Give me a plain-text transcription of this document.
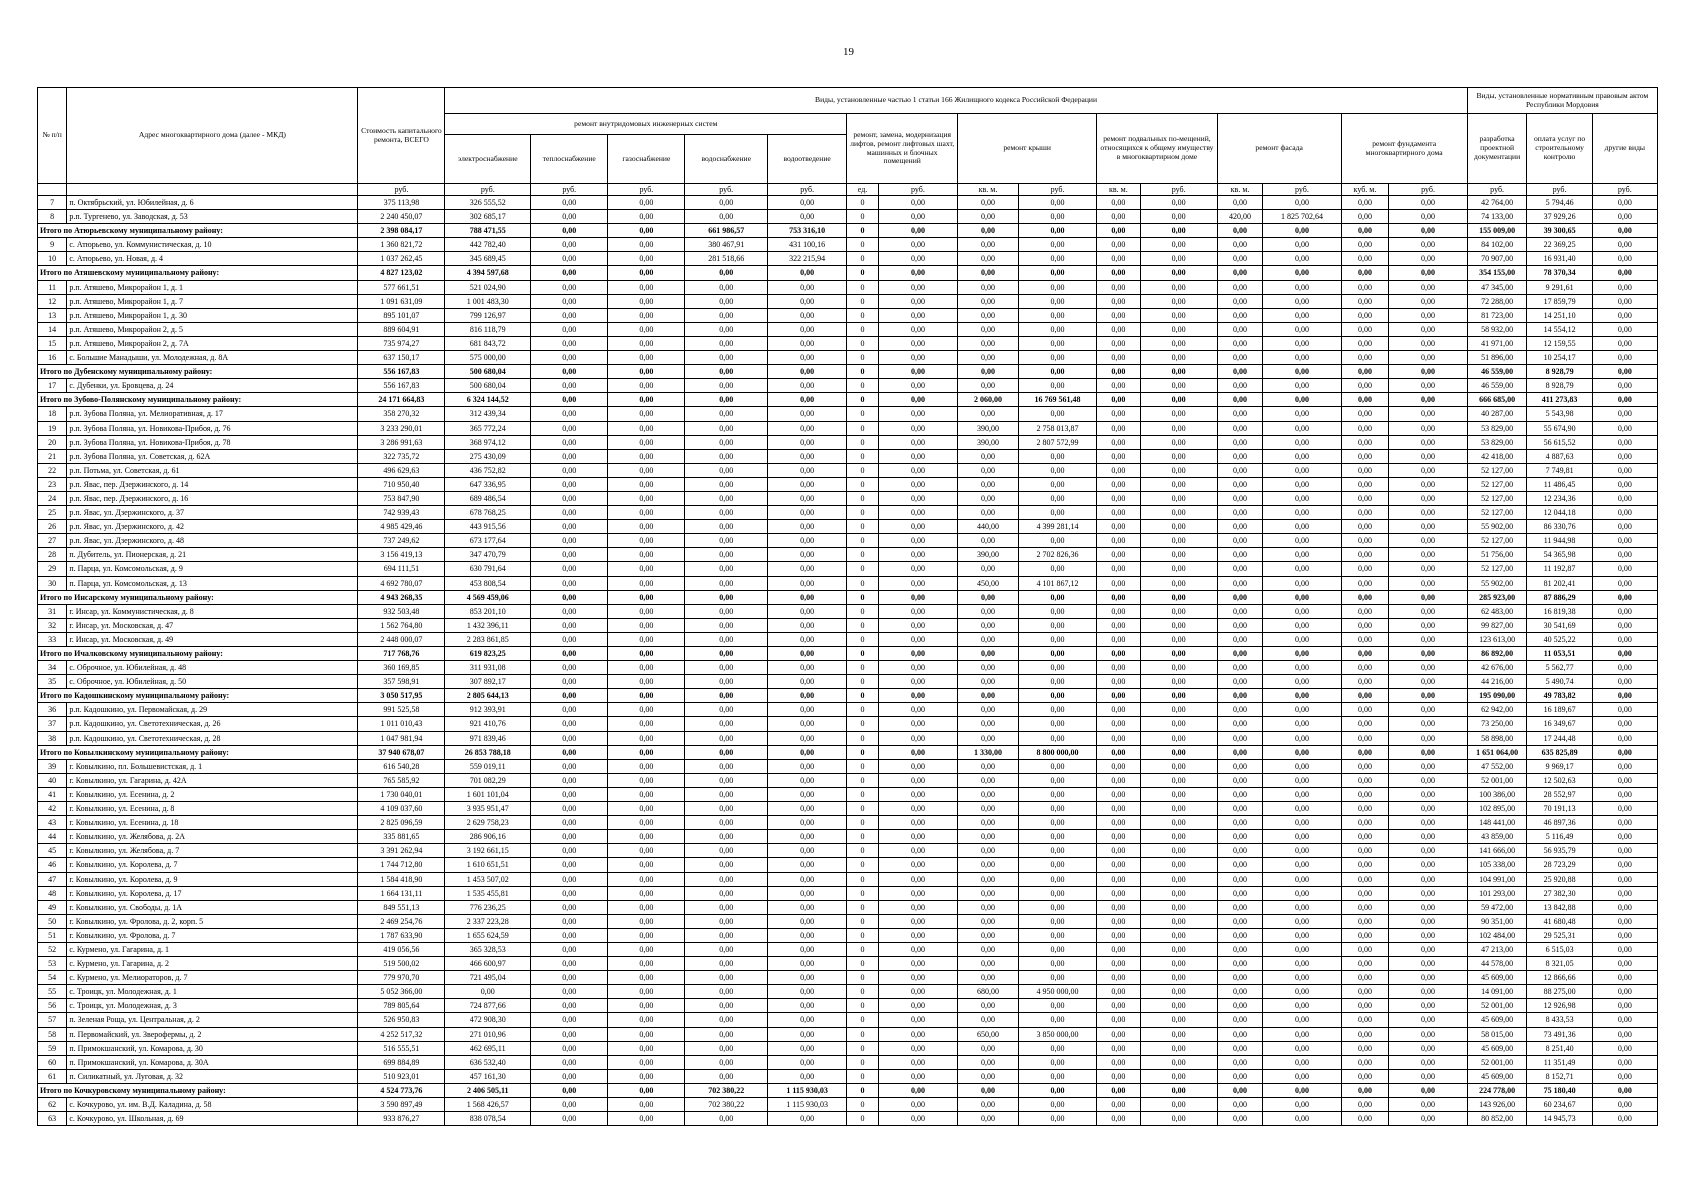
19
№ п/п	Адрес многоквартирного дома (далее - МКД)	Стоимость капитального ремонта, ВСЕГО	Виды, установленные частью 1 статьи 166 Жилищного кодекса Российской Федерации															Виды, установленные нормативным правовым актом Республики Мордовия		
			ремонт внутридомовых инженерных систем					ремонт, замена, модернизация лифтов, ремонт лифтовых шахт, машинных и блочных помещений		ремонт крыши		ремонт подвальных по-мещений, относящихся к общему имуществу в многоквартирном доме		ремонт фасада		ремонт фундамента многоквартирного дома		разработка проектной документации	оплата услуг по строительному контролю	другие виды
			электроснабжение	теплоснабжение	газоснабжение	водоснабжение	водоотведение													
		руб.	руб.	руб.	руб.	руб.	руб.	ед.	руб.	кв. м.	руб.	кв. м.	руб.	кв. м.	руб.	куб. м.	руб.	руб.	руб.	руб.
7	п. Октябрьский, ул. Юбилейная, д. 6	375 113,98	326 555,52	0,00	0,00	0,00	0,00	0	0,00	0,00	0,00	0,00	0,00	0,00	0,00	0,00	0,00	42 764,00	5 794,46	0,00
8	р.п. Тургенево, ул. Заводская, д. 53	2 240 450,07	302 685,17	0,00	0,00	0,00	0,00	0	0,00	0,00	0,00	0,00	0,00	420,00	1 825 702,64	0,00	0,00	74 133,00	37 929,26	0,00
Итого по Атюрьевскому муниципальному району:		2 398 084,17	788 471,55	0,00	0,00	661 986,57	753 316,10	0	0,00	0,00	0,00	0,00	0,00	0,00	0,00	0,00	0,00	155 009,00	39 300,65	0,00
9	с. Атюрьево, ул. Коммунистическая, д. 10	1 360 821,72	442 782,40	0,00	0,00	380 467,91	431 100,16	0	0,00	0,00	0,00	0,00	0,00	0,00	0,00	0,00	0,00	84 102,00	22 369,25	0,00
10	с. Атюрьево, ул. Новая, д. 4	1 037 262,45	345 689,45	0,00	0,00	281 518,66	322 215,94	0	0,00	0,00	0,00	0,00	0,00	0,00	0,00	0,00	0,00	70 907,00	16 931,40	0,00
Итого по Атяшевскому муниципальному району:		4 827 123,02	4 394 597,68	0,00	0,00	0,00	0,00	0	0,00	0,00	0,00	0,00	0,00	0,00	0,00	0,00	0,00	354 155,00	78 370,34	0,00
11	р.п. Атяшево, Микрорайон 1, д. 1	577 661,51	521 024,90	0,00	0,00	0,00	0,00	0	0,00	0,00	0,00	0,00	0,00	0,00	0,00	0,00	0,00	47 345,00	9 291,61	0,00
12	р.п. Атяшево, Микрорайон 1, д. 7	1 091 631,09	1 001 483,30	0,00	0,00	0,00	0,00	0	0,00	0,00	0,00	0,00	0,00	0,00	0,00	0,00	0,00	72 288,00	17 859,79	0,00
13	р.п. Атяшево, Микрорайон 1, д. 30	895 101,07	799 126,97	0,00	0,00	0,00	0,00	0	0,00	0,00	0,00	0,00	0,00	0,00	0,00	0,00	0,00	81 723,00	14 251,10	0,00
14	р.п. Атяшево, Микрорайон 2, д. 5	889 604,91	816 118,79	0,00	0,00	0,00	0,00	0	0,00	0,00	0,00	0,00	0,00	0,00	0,00	0,00	0,00	58 932,00	14 554,12	0,00
15	р.п. Атяшево, Микрорайон 2, д. 7А	735 974,27	681 843,72	0,00	0,00	0,00	0,00	0	0,00	0,00	0,00	0,00	0,00	0,00	0,00	0,00	0,00	41 971,00	12 159,55	0,00
16	с. Большие Манадыши, ул. Молодежная, д. 8А	637 150,17	575 000,00	0,00	0,00	0,00	0,00	0	0,00	0,00	0,00	0,00	0,00	0,00	0,00	0,00	0,00	51 896,00	10 254,17	0,00
Итого по Дубенскому муниципальному району:		556 167,83	500 680,04	0,00	0,00	0,00	0,00	0	0,00	0,00	0,00	0,00	0,00	0,00	0,00	0,00	0,00	46 559,00	8 928,79	0,00
17	с. Дубенки, ул. Бровцева, д. 24	556 167,83	500 680,04	0,00	0,00	0,00	0,00	0	0,00	0,00	0,00	0,00	0,00	0,00	0,00	0,00	0,00	46 559,00	8 928,79	0,00
Итого по Зубово-Полянскому муниципальному району:		24 171 664,83	6 324 144,52	0,00	0,00	0,00	0,00	0	0,00	2 060,00	16 769 561,48	0,00	0,00	0,00	0,00	0,00	0,00	666 685,00	411 273,83	0,00
18	р.п. Зубова Поляна, ул. Мелиоративная, д. 17	358 270,32	312 439,34	0,00	0,00	0,00	0,00	0	0,00	0,00	0,00	0,00	0,00	0,00	0,00	0,00	0,00	40 287,00	5 543,98	0,00
19	р.п. Зубова Поляна, ул. Новикова-Прибоя, д. 76	3 233 290,01	365 772,24	0,00	0,00	0,00	0,00	0	0,00	390,00	2 758 013,87	0,00	0,00	0,00	0,00	0,00	0,00	53 829,00	55 674,90	0,00
20	р.п. Зубова Поляна, ул. Новикова-Прибоя, д. 78	3 286 991,63	368 974,12	0,00	0,00	0,00	0,00	0	0,00	390,00	2 807 572,99	0,00	0,00	0,00	0,00	0,00	0,00	53 829,00	56 615,52	0,00
21	р.п. Зубова Поляна, ул. Советская, д. 62А	322 735,72	275 430,09	0,00	0,00	0,00	0,00	0	0,00	0,00	0,00	0,00	0,00	0,00	0,00	0,00	0,00	42 418,00	4 887,63	0,00
22	р.п. Потьма, ул. Советская, д. 61	496 629,63	436 752,82	0,00	0,00	0,00	0,00	0	0,00	0,00	0,00	0,00	0,00	0,00	0,00	0,00	0,00	52 127,00	7 749,81	0,00
23	р.п. Явас, пер. Дзержинского, д. 14	710 950,40	647 336,95	0,00	0,00	0,00	0,00	0	0,00	0,00	0,00	0,00	0,00	0,00	0,00	0,00	0,00	52 127,00	11 486,45	0,00
24	р.п. Явас, пер. Дзержинского, д. 16	753 847,90	689 486,54	0,00	0,00	0,00	0,00	0	0,00	0,00	0,00	0,00	0,00	0,00	0,00	0,00	0,00	52 127,00	12 234,36	0,00
25	р.п. Явас, ул. Дзержинского, д. 37	742 939,43	678 768,25	0,00	0,00	0,00	0,00	0	0,00	0,00	0,00	0,00	0,00	0,00	0,00	0,00	0,00	52 127,00	12 044,18	0,00
26	р.п. Явас, ул. Дзержинского, д. 42	4 985 429,46	443 915,56	0,00	0,00	0,00	0,00	0	0,00	440,00	4 399 281,14	0,00	0,00	0,00	0,00	0,00	0,00	55 902,00	86 330,76	0,00
27	р.п. Явас, ул. Дзержинского, д. 48	737 249,62	673 177,64	0,00	0,00	0,00	0,00	0	0,00	0,00	0,00	0,00	0,00	0,00	0,00	0,00	0,00	52 127,00	11 944,98	0,00
28	п. Дубитель, ул. Пионерская, д. 21	3 156 419,13	347 470,79	0,00	0,00	0,00	0,00	0	0,00	390,00	2 702 826,36	0,00	0,00	0,00	0,00	0,00	0,00	51 756,00	54 365,98	0,00
29	п. Парца, ул. Комсомольская, д. 9	694 111,51	630 791,64	0,00	0,00	0,00	0,00	0	0,00	0,00	0,00	0,00	0,00	0,00	0,00	0,00	0,00	52 127,00	11 192,87	0,00
30	п. Парца, ул. Комсомольская, д. 13	4 692 780,07	453 808,54	0,00	0,00	0,00	0,00	0	0,00	450,00	4 101 867,12	0,00	0,00	0,00	0,00	0,00	0,00	55 902,00	81 202,41	0,00
Итого по Инсарскому муниципальному району:		4 943 268,35	4 569 459,06	0,00	0,00	0,00	0,00	0	0,00	0,00	0,00	0,00	0,00	0,00	0,00	0,00	0,00	285 923,00	87 886,29	0,00
31	г. Инсар, ул. Коммунистическая, д. 8	932 503,48	853 201,10	0,00	0,00	0,00	0,00	0	0,00	0,00	0,00	0,00	0,00	0,00	0,00	0,00	0,00	62 483,00	16 819,38	0,00
32	г. Инсар, ул. Московская, д. 47	1 562 764,80	1 432 396,11	0,00	0,00	0,00	0,00	0	0,00	0,00	0,00	0,00	0,00	0,00	0,00	0,00	0,00	99 827,00	30 541,69	0,00
33	г. Инсар, ул. Московская, д. 49	2 448 000,07	2 283 861,85	0,00	0,00	0,00	0,00	0	0,00	0,00	0,00	0,00	0,00	0,00	0,00	0,00	0,00	123 613,00	40 525,22	0,00
Итого по Ичалковскому муниципальному району:		717 768,76	619 823,25	0,00	0,00	0,00	0,00	0	0,00	0,00	0,00	0,00	0,00	0,00	0,00	0,00	0,00	86 892,00	11 053,51	0,00
34	с. Оброчное, ул. Юбилейная, д. 48	360 169,85	311 931,08	0,00	0,00	0,00	0,00	0	0,00	0,00	0,00	0,00	0,00	0,00	0,00	0,00	0,00	42 676,00	5 562,77	0,00
35	с. Оброчное, ул. Юбилейная, д. 50	357 598,91	307 892,17	0,00	0,00	0,00	0,00	0	0,00	0,00	0,00	0,00	0,00	0,00	0,00	0,00	0,00	44 216,00	5 490,74	0,00
Итого по Кадошкинскому муниципальному району:		3 050 517,95	2 805 644,13	0,00	0,00	0,00	0,00	0	0,00	0,00	0,00	0,00	0,00	0,00	0,00	0,00	0,00	195 090,00	49 783,82	0,00
36	р.п. Кадошкино, ул. Первомайская, д. 29	991 525,58	912 393,91	0,00	0,00	0,00	0,00	0	0,00	0,00	0,00	0,00	0,00	0,00	0,00	0,00	0,00	62 942,00	16 189,67	0,00
37	р.п. Кадошкино, ул. Светотехническая, д. 26	1 011 010,43	921 410,76	0,00	0,00	0,00	0,00	0	0,00	0,00	0,00	0,00	0,00	0,00	0,00	0,00	0,00	73 250,00	16 349,67	0,00
38	р.п. Кадошкино, ул. Светотехническая, д. 28	1 047 981,94	971 839,46	0,00	0,00	0,00	0,00	0	0,00	0,00	0,00	0,00	0,00	0,00	0,00	0,00	0,00	58 898,00	17 244,48	0,00
Итого по Ковылкинскому муниципальному району:		37 940 678,07	26 853 788,18	0,00	0,00	0,00	0,00	0	0,00	1 330,00	8 800 000,00	0,00	0,00	0,00	0,00	0,00	0,00	1 651 064,00	635 825,89	0,00
39	г. Ковылкино, пл. Большевистская, д. 1	616 540,28	559 019,11	0,00	0,00	0,00	0,00	0	0,00	0,00	0,00	0,00	0,00	0,00	0,00	0,00	0,00	47 552,00	9 969,17	0,00
40	г. Ковылкино, ул. Гагарина, д. 42А	765 585,92	701 082,29	0,00	0,00	0,00	0,00	0	0,00	0,00	0,00	0,00	0,00	0,00	0,00	0,00	0,00	52 001,00	12 502,63	0,00
41	г. Ковылкино, ул. Есенина, д. 2	1 730 040,01	1 601 101,04	0,00	0,00	0,00	0,00	0	0,00	0,00	0,00	0,00	0,00	0,00	0,00	0,00	0,00	100 386,00	28 552,97	0,00
42	г. Ковылкино, ул. Есенина, д. 8	4 109 037,60	3 935 951,47	0,00	0,00	0,00	0,00	0	0,00	0,00	0,00	0,00	0,00	0,00	0,00	0,00	0,00	102 895,00	70 191,13	0,00
43	г. Ковылкино, ул. Есенина, д. 18	2 825 096,59	2 629 758,23	0,00	0,00	0,00	0,00	0	0,00	0,00	0,00	0,00	0,00	0,00	0,00	0,00	0,00	148 441,00	46 897,36	0,00
44	г. Ковылкино, ул. Желябова, д. 2А	335 881,65	286 906,16	0,00	0,00	0,00	0,00	0	0,00	0,00	0,00	0,00	0,00	0,00	0,00	0,00	0,00	43 859,00	5 116,49	0,00
45	г. Ковылкино, ул. Желябова, д. 7	3 391 262,94	3 192 661,15	0,00	0,00	0,00	0,00	0	0,00	0,00	0,00	0,00	0,00	0,00	0,00	0,00	0,00	141 666,00	56 935,79	0,00
46	г. Ковылкино, ул. Королева, д. 7	1 744 712,80	1 610 651,51	0,00	0,00	0,00	0,00	0	0,00	0,00	0,00	0,00	0,00	0,00	0,00	0,00	0,00	105 338,00	28 723,29	0,00
47	г. Ковылкино, ул. Королева, д. 9	1 584 418,90	1 453 507,02	0,00	0,00	0,00	0,00	0	0,00	0,00	0,00	0,00	0,00	0,00	0,00	0,00	0,00	104 991,00	25 920,88	0,00
48	г. Ковылкино, ул. Королева, д. 17	1 664 131,11	1 535 455,81	0,00	0,00	0,00	0,00	0	0,00	0,00	0,00	0,00	0,00	0,00	0,00	0,00	0,00	101 293,00	27 382,30	0,00
49	г. Ковылкино, ул. Свободы, д. 1А	849 551,13	776 236,25	0,00	0,00	0,00	0,00	0	0,00	0,00	0,00	0,00	0,00	0,00	0,00	0,00	0,00	59 472,00	13 842,88	0,00
50	г. Ковылкино, ул. Фролова, д. 2, корп. 5	2 469 254,76	2 337 223,28	0,00	0,00	0,00	0,00	0	0,00	0,00	0,00	0,00	0,00	0,00	0,00	0,00	0,00	90 351,00	41 680,48	0,00
51	г. Ковылкино, ул. Фролова, д. 7	1 787 633,90	1 655 624,59	0,00	0,00	0,00	0,00	0	0,00	0,00	0,00	0,00	0,00	0,00	0,00	0,00	0,00	102 484,00	29 525,31	0,00
52	с. Курмено, ул. Гагарина, д. 1	419 056,56	365 328,53	0,00	0,00	0,00	0,00	0	0,00	0,00	0,00	0,00	0,00	0,00	0,00	0,00	0,00	47 213,00	6 515,03	0,00
53	с. Курмено, ул. Гагарина, д. 2	519 500,02	466 600,97	0,00	0,00	0,00	0,00	0	0,00	0,00	0,00	0,00	0,00	0,00	0,00	0,00	0,00	44 578,00	8 321,05	0,00
54	с. Курмено, ул. Мелиораторов, д. 7	779 970,70	721 495,04	0,00	0,00	0,00	0,00	0	0,00	0,00	0,00	0,00	0,00	0,00	0,00	0,00	0,00	45 609,00	12 866,66	0,00
55	с. Троицк, ул. Молодежная, д. 1	5 052 366,00	0,00	0,00	0,00	0,00	0,00	0	0,00	680,00	4 950 000,00	0,00	0,00	0,00	0,00	0,00	0,00	14 091,00	88 275,00	0,00
56	с. Троицк, ул. Молодежная, д. 3	789 805,64	724 877,66	0,00	0,00	0,00	0,00	0	0,00	0,00	0,00	0,00	0,00	0,00	0,00	0,00	0,00	52 001,00	12 926,98	0,00
57	п. Зеленая Роща, ул. Центральная, д. 2	526 950,83	472 908,30	0,00	0,00	0,00	0,00	0	0,00	0,00	0,00	0,00	0,00	0,00	0,00	0,00	0,00	45 609,00	8 433,53	0,00
58	п. Первомайский, ул. Зверофермы, д. 2	4 252 517,32	271 010,96	0,00	0,00	0,00	0,00	0	0,00	650,00	3 850 000,00	0,00	0,00	0,00	0,00	0,00	0,00	58 015,00	73 491,36	0,00
59	п. Примокшанский, ул. Комарова, д. 30	516 555,51	462 695,11	0,00	0,00	0,00	0,00	0	0,00	0,00	0,00	0,00	0,00	0,00	0,00	0,00	0,00	45 609,00	8 251,40	0,00
60	п. Примокшанский, ул. Комарова, д. 30А	699 884,89	636 532,40	0,00	0,00	0,00	0,00	0	0,00	0,00	0,00	0,00	0,00	0,00	0,00	0,00	0,00	52 001,00	11 351,49	0,00
61	п. Силикатный, ул. Луговая, д. 32	510 923,01	457 161,30	0,00	0,00	0,00	0,00	0	0,00	0,00	0,00	0,00	0,00	0,00	0,00	0,00	0,00	45 609,00	8 152,71	0,00
Итого по Кочкуровскому муниципальному району:		4 524 773,76	2 406 505,11	0,00	0,00	702 380,22	1 115 930,03	0	0,00	0,00	0,00	0,00	0,00	0,00	0,00	0,00	0,00	224 778,00	75 180,40	0,00
62	с. Кочкурово, ул. им. В.Д. Каладина, д. 58	3 590 897,49	1 568 426,57	0,00	0,00	702 380,22	1 115 930,03	0	0,00	0,00	0,00	0,00	0,00	0,00	0,00	0,00	0,00	143 926,00	60 234,67	0,00
63	с. Кочкурово, ул. Школьная, д. 69	933 876,27	838 078,54	0,00	0,00	0,00	0,00	0	0,00	0,00	0,00	0,00	0,00	0,00	0,00	0,00	0,00	80 852,00	14 945,73	0,00
